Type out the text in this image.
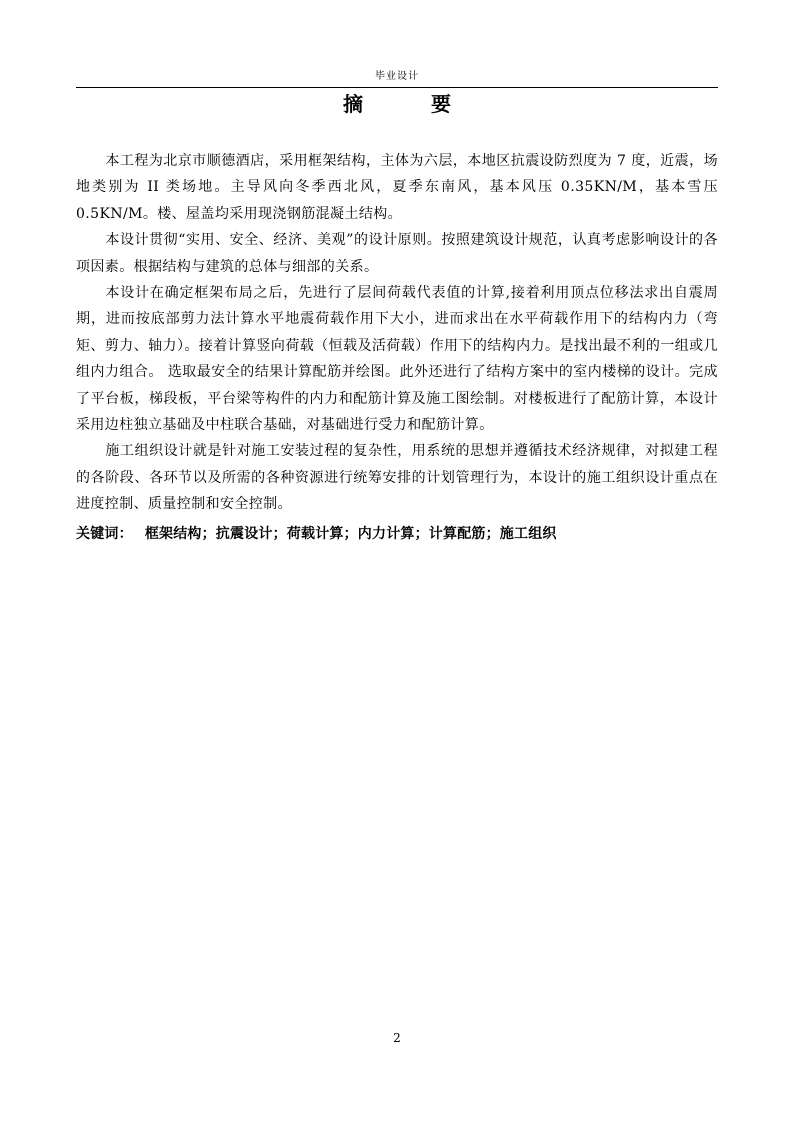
毕业设计
摘　要

本工程为北京市顺德酒店，采用框架结构，主体为六层，本地区抗震设防烈度为 7 度，近震，场地类别为 II 类场地。主导风向冬季西北风，夏季东南风，基本风压 0.35KN/M，基本雪压 0.5KN/M。楼、屋盖均采用现浇钢筋混凝土结构。

本设计贯彻“实用、安全、经济、美观”的设计原则。按照建筑设计规范，认真考虑影响设计的各项因素。根据结构与建筑的总体与细部的关系。

本设计在确定框架布局之后，先进行了层间荷载代表值的计算,接着利用顶点位移法求出自震周期，进而按底部剪力法计算水平地震荷载作用下大小，进而求出在水平荷载作用下的结构内力（弯矩、剪力、轴力）。接着计算竖向荷载（恒载及活荷载）作用下的结构内力。是找出最不利的一组或几组内力组合。 选取最安全的结果计算配筋并绘图。此外还进行了结构方案中的室内楼梯的设计。完成了平台板，梯段板，平台梁等构件的内力和配筋计算及施工图绘制。对楼板进行了配筋计算，本设计采用边柱独立基础及中柱联合基础，对基础进行受力和配筋计算。

施工组织设计就是针对施工安装过程的复杂性，用系统的思想并遵循技术经济规律，对拟建工程的各阶段、各环节以及所需的各种资源进行统筹安排的计划管理行为，本设计的施工组织设计重点在进度控制、质量控制和安全控制。

关键词： 框架结构；抗震设计；荷载计算；内力计算；计算配筋；施工组织

2
